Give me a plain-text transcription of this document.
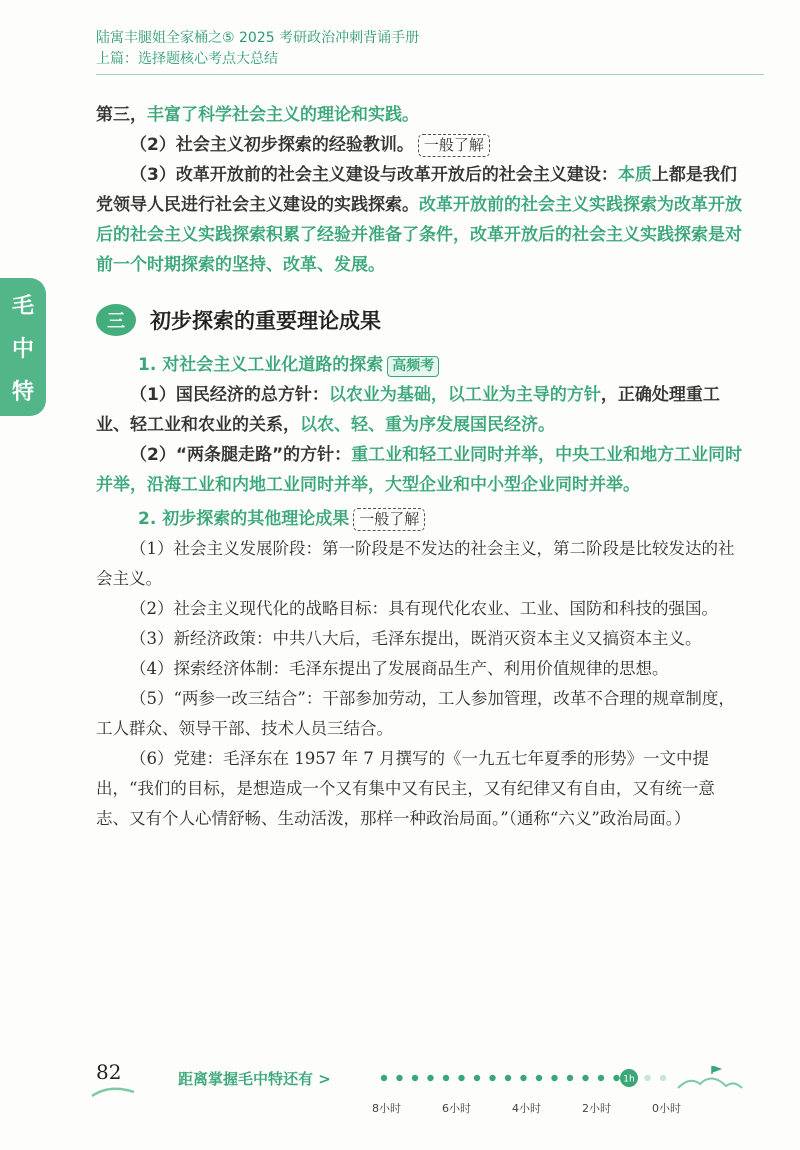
陆寓丰腿姐全家桶之⑤ 2025 考研政治冲刺背诵手册
上篇：选择题核心考点大总结
毛
中
特

第三，丰富了科学社会主义的理论和实践。

（2）社会主义初步探索的经验教训。 一般了解

（3）改革开放前的社会主义建设与改革开放后的社会主义建设：本质上都是我们党领导人民进行社会主义建设的实践探索。改革开放前的社会主义实践探索为改革开放后的社会主义实践探索积累了经验并准备了条件，改革开放后的社会主义实践探索是对前一个时期探索的坚持、改革、发展。

三	初步探索的重要理论成果

1. 对社会主义工业化道路的探索 高频考

（1）国民经济的总方针：以农业为基础，以工业为主导的方针，正确处理重工业、轻工业和农业的关系，以农、轻、重为序发展国民经济。

（2）“两条腿走路”的方针：重工业和轻工业同时并举，中央工业和地方工业同时并举，沿海工业和内地工业同时并举，大型企业和中小型企业同时并举。

2. 初步探索的其他理论成果 一般了解

（1）社会主义发展阶段：第一阶段是不发达的社会主义，第二阶段是比较发达的社会主义。

（2）社会主义现代化的战略目标：具有现代化农业、工业、国防和科技的强国。

（3）新经济政策：中共八大后，毛泽东提出，既消灭资本主义又搞资本主义。

（4）探索经济体制：毛泽东提出了发展商品生产、利用价值规律的思想。

（5）“两参一改三结合”：干部参加劳动，工人参加管理，改革不合理的规章制度，工人群众、领导干部、技术人员三结合。

（6）党建：毛泽东在 1957 年 7 月撰写的《一九五七年夏季的形势》一文中提出，“我们的目标，是想造成一个又有集中又有民主，又有纪律又有自由，又有统一意志、又有个人心情舒畅、生动活泼，那样一种政治局面。”（通称“六义”政治局面。）

82	距离掌握毛中特还有 >	1h
8小时	6小时	4小时	2小时	0小时
